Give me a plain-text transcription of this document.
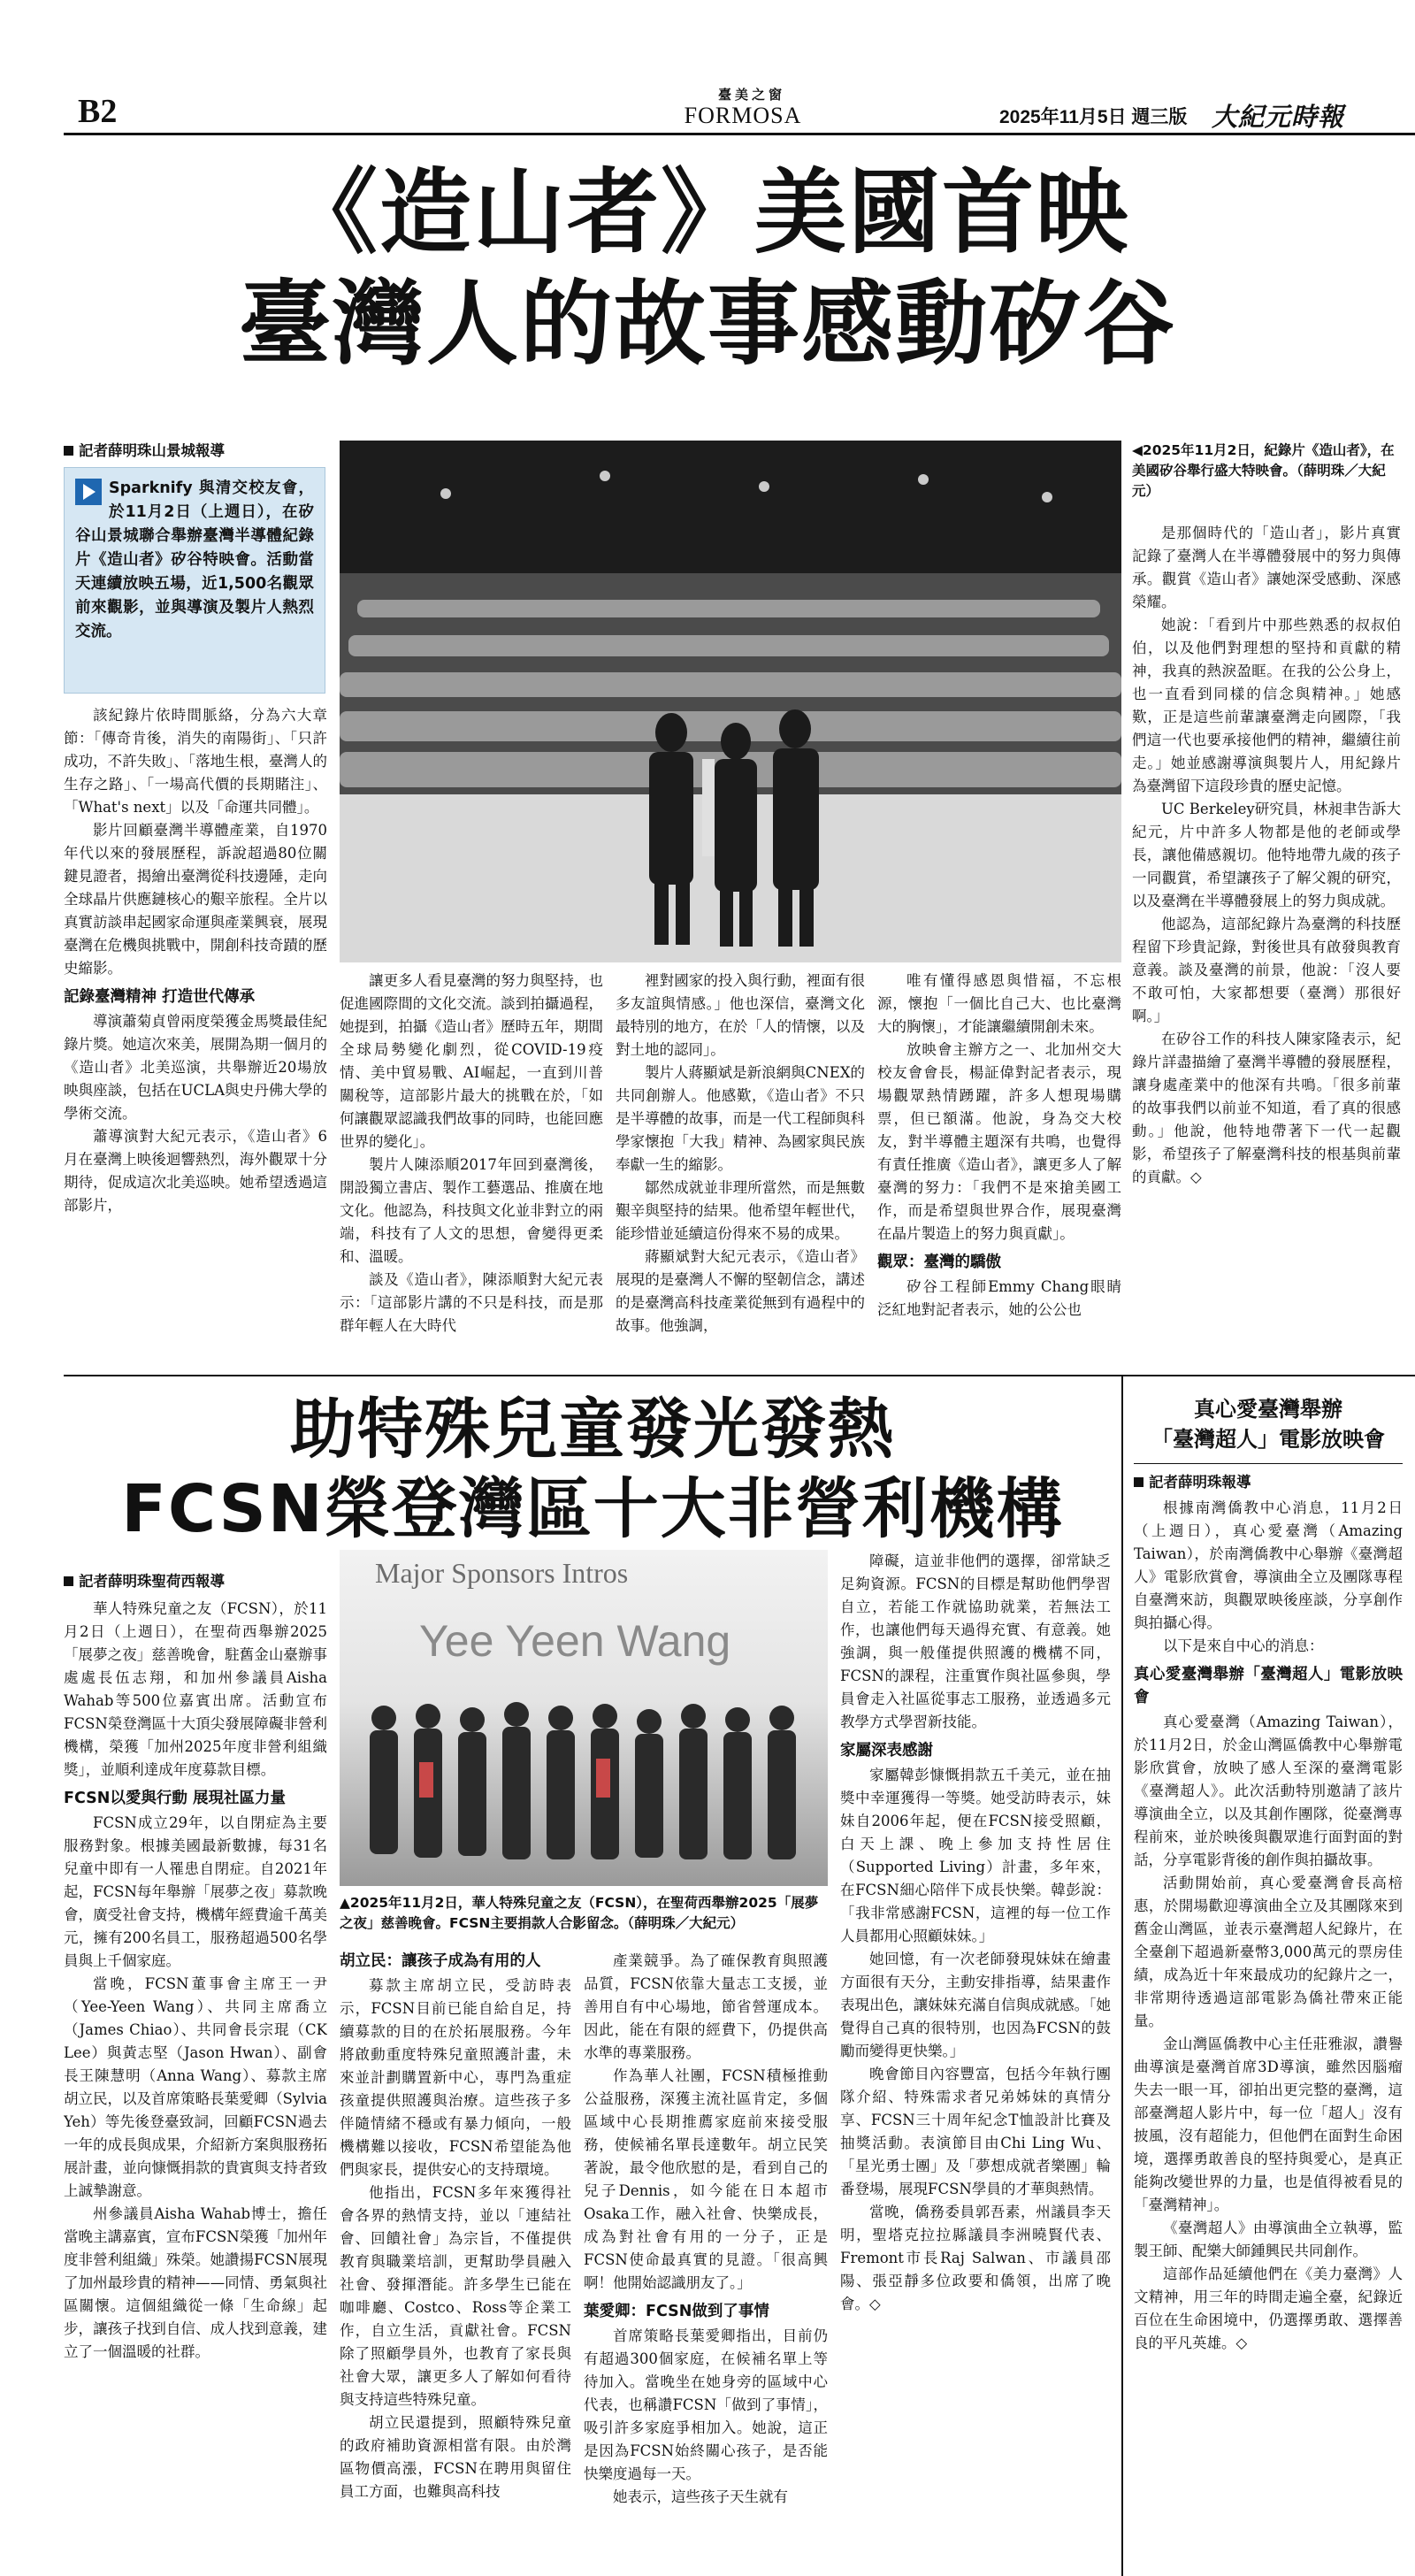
B2	臺美之窗
FORMOSA	2025年11月5日 週三版 大紀元時報
《造山者》美國首映
臺灣人的故事感動矽谷
記者薛明珠山景城報導
Sparknify 與清交校友會，於11月2日（上週日），在矽谷山景城聯合舉辦臺灣半導體紀錄片《造山者》矽谷特映會。活動當天連續放映五場，近1,500名觀眾前來觀影，並與導演及製片人熱烈交流。
◀2025年11月2日，紀錄片《造山者》，在美國矽谷舉行盛大特映會。（薛明珠／大紀元）

該紀錄片依時間脈絡，分為六大章節：「傳奇肯後，消失的南陽街」、「只許成功，不許失敗」、「落地生根，臺灣人的生存之路」、「一場高代價的長期賭注」、「What's next」以及「命運共同體」。

影片回顧臺灣半導體產業，自1970年代以來的發展歷程，訴說超過80位關鍵見證者，揭繪出臺灣從科技邊陲，走向全球晶片供應鏈核心的艱辛旅程。全片以真實訪談串起國家命運與產業興衰，展現臺灣在危機與挑戰中，開創科技奇蹟的歷史縮影。

記錄臺灣精神 打造世代傳承

導演蕭菊貞曾兩度榮獲金馬獎最佳紀錄片獎。她這次來美，展開為期一個月的《造山者》北美巡演，共舉辦近20場放映與座談，包括在UCLA與史丹佛大學的學術交流。

蕭導演對大紀元表示，《造山者》6月在臺灣上映後迴響熱烈，海外觀眾十分期待，促成這次北美巡映。她希望透過這部影片，

讓更多人看見臺灣的努力與堅持，也促進國際間的文化交流。談到拍攝過程，她提到，拍攝《造山者》歷時五年，期間全球局勢變化劇烈，從COVID-19疫情、美中貿易戰、AI崛起，一直到川普關稅等，這部影片最大的挑戰在於，「如何讓觀眾認識我們故事的同時，也能回應世界的變化」。

製片人陳添順2017年回到臺灣後，開設獨立書店、製作工藝選品、推廣在地文化。他認為，科技與文化並非對立的兩端，科技有了人文的思想，會變得更柔和、溫暖。

談及《造山者》，陳添順對大紀元表示：「這部影片講的不只是科技，而是那群年輕人在大時代

裡對國家的投入與行動，裡面有很多友誼與情感。」他也深信，臺灣文化最特別的地方，在於「人的情懷，以及對土地的認同」。

製片人蔣顯斌是新浪網與CNEX的共同創辦人。他感歎，《造山者》不只是半導體的故事，而是一代工程師與科學家懷抱「大我」精神、為國家與民族奉獻一生的縮影。

鄒然成就並非理所當然，而是無數艱辛與堅持的結果。他希望年輕世代，能珍惜並延續這份得來不易的成果。

蔣顯斌對大紀元表示，《造山者》展現的是臺灣人不懈的堅韌信念，講述的是臺灣高科技產業從無到有過程中的故事。他強調，

唯有懂得感恩與惜福，不忘根源，懷抱「一個比自己大、也比臺灣大的胸懷」，才能讓繼續開創未來。

放映會主辦方之一、北加州交大校友會會長，楊証偉對記者表示，現場觀眾熱情踴躍，許多人想現場購票，但已額滿。他說，身為交大校友，對半導體主題深有共鳴，也覺得有責任推廣《造山者》，讓更多人了解臺灣的努力：「我們不是來搶美國工作，而是希望與世界合作，展現臺灣在晶片製造上的努力與貢獻」。

觀眾：臺灣的驕傲

矽谷工程師Emmy Chang眼睛泛紅地對記者表示，她的公公也

是那個時代的「造山者」，影片真實記錄了臺灣人在半導體發展中的努力與傳承。觀賞《造山者》讓她深受感動、深感榮耀。

她說：「看到片中那些熟悉的叔叔伯伯，以及他們對理想的堅持和貢獻的精神，我真的熱淚盈眶。在我的公公身上，也一直看到同樣的信念與精神。」她感歎，正是這些前輩讓臺灣走向國際，「我們這一代也要承接他們的精神，繼續往前走。」她並感謝導演與製片人，用紀錄片為臺灣留下這段珍貴的歷史記憶。

UC Berkeley研究員，林昶聿告訴大紀元，片中許多人物都是他的老師或學長，讓他備感親切。他特地帶九歲的孩子一同觀賞，希望讓孩子了解父親的研究，以及臺灣在半導體發展上的努力與成就。

他認為，這部紀錄片為臺灣的科技歷程留下珍貴記錄，對後世具有啟發與教育意義。談及臺灣的前景，他說：「沒人要不敢可怕，大家都想要（臺灣）那很好啊。」

在矽谷工作的科技人陳家隆表示，紀錄片詳盡描繪了臺灣半導體的發展歷程，讓身處產業中的他深有共鳴。「很多前輩的故事我們以前並不知道，看了真的很感動。」他說，他特地帶著下一代一起觀影，希望孩子了解臺灣科技的根基與前輩的貢獻。◇

助特殊兒童發光發熱
FCSN榮登灣區十大非營利機構
記者薛明珠聖荷西報導

華人特殊兒童之友（FCSN），於11月2日（上週日），在聖荷西舉辦2025「展夢之夜」慈善晚會，駐舊金山臺辦事處處長伍志翔，和加州參議員Aisha Wahab等500位嘉賓出席。活動宣布FCSN榮登灣區十大頂尖發展障礙非營利機構，榮獲「加州2025年度非營利組織獎」，並順利達成年度募款目標。

FCSN以愛與行動 展現社區力量

FCSN成立29年，以自閉症為主要服務對象。根據美國最新數據，每31名兒童中即有一人罹患自閉症。自2021年起，FCSN每年舉辦「展夢之夜」募款晚會，廣受社會支持，機構年經費逾千萬美元，擁有200名員工，服務超過500名學員與上千個家庭。

當晚，FCSN董事會主席王一尹（Yee-Yeen Wang）、共同主席喬立（James Chiao）、共同會長宗琨（CK Lee）與黃志堅（Jason Hwan）、副會長王陳慧明（Anna Wang）、募款主席胡立民，以及首席策略長葉愛卿（Sylvia Yeh）等先後登臺致詞，回顧FCSN過去一年的成長與成果，介紹新方案與服務拓展計畫，並向慷慨捐款的貴賓與支持者致上誠摯謝意。

州參議員Aisha Wahab博士，擔任當晚主講嘉賓，宣布FCSN榮獲「加州年度非營利組織」殊榮。她讚揚FCSN展現了加州最珍貴的精神——同情、勇氣與社區關懷。這個組織從一條「生命線」起步，讓孩子找到自信、成人找到意義，建立了一個溫暖的社群。

Major Sponsors Intros
Yee Yeen Wang
▲2025年11月2日，華人特殊兒童之友（FCSN），在聖荷西舉辦2025「展夢之夜」慈善晚會。FCSN主要捐款人合影留念。（薛明珠／大紀元）
胡立民：讓孩子成為有用的人

募款主席胡立民，受訪時表示，FCSN目前已能自給自足，持續募款的目的在於拓展服務。今年將啟動重度特殊兒童照護計畫，未來並計劃購置新中心，專門為重症孩童提供照護與治療。這些孩子多伴隨情緒不穩或有暴力傾向，一般機構難以接收，FCSN希望能為他們與家長，提供安心的支持環境。

他指出，FCSN多年來獲得社會各界的熱情支持，並以「連結社會、回饋社會」為宗旨，不僅提供教育與職業培訓，更幫助學員融入社會、發揮潛能。許多學生已能在咖啡廳、Costco、Ross等企業工作，自立生活，貢獻社會。FCSN除了照顧學員外，也教育了家長與社會大眾，讓更多人了解如何看待與支持這些特殊兒童。

胡立民還提到，照顧特殊兒童的政府補助資源相當有限。由於灣區物價高漲，FCSN在聘用與留住員工方面，也難與高科技

產業競爭。為了確保教育與照護品質，FCSN依靠大量志工支援，並善用自有中心場地，節省營運成本。因此，能在有限的經費下，仍提供高水準的專業服務。

作為華人社團，FCSN積極推動公益服務，深獲主流社區肯定，多個區域中心長期推薦家庭前來接受服務，使候補名單長達數年。胡立民笑著說，最令他欣慰的是，看到自己的兒子Dennis，如今能在日本超市Osaka工作，融入社會、快樂成長，成為對社會有用的一分子，正是FCSN使命最真實的見證。「很高興啊！他開始認識朋友了。」

葉愛卿：FCSN做到了事情

首席策略長葉愛卿指出，目前仍有超過300個家庭，在候補名單上等待加入。當晚坐在她身旁的區域中心代表，也稱讚FCSN「做到了事情」，吸引許多家庭爭相加入。她說，這正是因為FCSN始終關心孩子，是否能快樂度過每一天。

她表示，這些孩子天生就有

障礙，這並非他們的選擇，卻常缺乏足夠資源。FCSN的目標是幫助他們學習自立，若能工作就協助就業，若無法工作，也讓他們每天過得充實、有意義。她強調，與一般僅提供照護的機構不同，FCSN的課程，注重實作與社區參與，學員會走入社區從事志工服務，並透過多元教學方式學習新技能。

家屬深表感謝

家屬韓彭慷慨捐款五千美元，並在抽獎中幸運獲得一等獎。她受訪時表示，妹妹自2006年起，便在FCSN接受照顧，白天上課、晚上參加支持性居住（Supported Living）計畫，多年來，在FCSN細心陪伴下成長快樂。韓彭說：「我非常感謝FCSN，這裡的每一位工作人員都用心照顧妹妹。」

她回憶，有一次老師發現妹妹在繪畫方面很有天分，主動安排指導，結果畫作表現出色，讓妹妹充滿自信與成就感。「她覺得自己真的很特別，也因為FCSN的鼓勵而變得更快樂。」

晚會節目內容豐富，包括今年執行團隊介紹、特殊需求者兄弟姊妹的真情分享、FCSN三十周年紀念T恤設計比賽及抽獎活動。表演節目由Chi Ling Wu、「星光勇士團」及「夢想成就者樂團」輪番登場，展現FCSN學員的才華與熱情。

當晚，僑務委員郭吾素，州議員李天明，聖塔克拉拉縣議員李洲曉賢代表、Fremont市長Raj Salwan、市議員邵陽、張亞靜多位政要和僑領，出席了晚會。◇

真心愛臺灣舉辦
「臺灣超人」電影放映會
記者薛明珠報導

根據南灣僑教中心消息，11月2日（上週日），真心愛臺灣（Amazing Taiwan），於南灣僑教中心舉辦《臺灣超人》電影欣賞會，導演曲全立及團隊專程自臺灣來訪，與觀眾映後座談，分享創作與拍攝心得。

以下是來自中心的消息：

真心愛臺灣舉辦「臺灣超人」電影放映會

真心愛臺灣（Amazing Taiwan），於11月2日，於金山灣區僑教中心舉辦電影欣賞會，放映了感人至深的臺灣電影《臺灣超人》。此次活動特別邀請了該片導演曲全立，以及其創作團隊，從臺灣專程前來，並於映後與觀眾進行面對面的對話，分享電影背後的創作與拍攝故事。

活動開始前，真心愛臺灣會長高棓惠，於開場歡迎導演曲全立及其團隊來到舊金山灣區，並表示臺灣超人紀錄片，在全臺創下超過新臺幣3,000萬元的票房佳績，成為近十年來最成功的紀錄片之一，非常期待透過這部電影為僑社帶來正能量。

金山灣區僑教中心主任莊雅淑，讚譽曲導演是臺灣首席3D導演，雖然因腦瘤失去一眼一耳，卻拍出更完整的臺灣，這部臺灣超人影片中，每一位「超人」沒有披風，沒有超能力，但他們在面對生命困境，選擇勇敢善良的堅持與愛心，是真正能夠改變世界的力量，也是值得被看見的「臺灣精神」。

《臺灣超人》由導演曲全立執導，監製王師、配樂大師鍾興民共同創作。

這部作品延續他們在《美力臺灣》人文精神，用三年的時間走遍全臺，紀錄近百位在生命困境中，仍選擇勇敢、選擇善良的平凡英雄。◇
